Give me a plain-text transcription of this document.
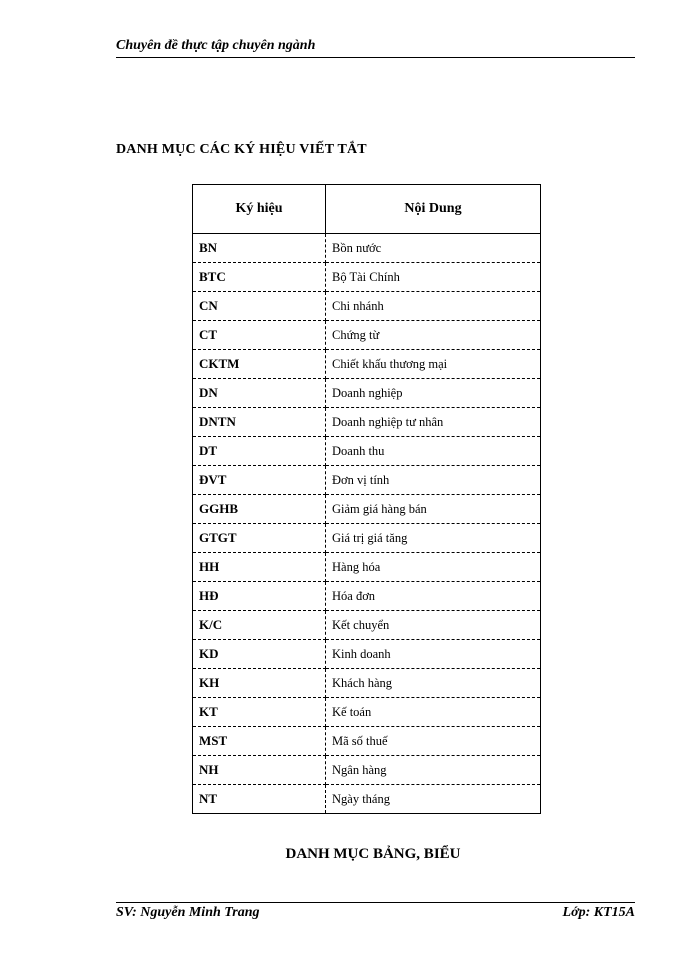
Chuyên đề thực tập chuyên ngành
DANH MỤC CÁC KÝ HIỆU VIẾT TẮT
Ký hiệu	Nội Dung
BN	Bồn nước
BTC	Bộ Tài Chính
CN	Chi nhánh
CT	Chứng từ
CKTM	Chiết khấu thương mại
DN	Doanh nghiệp
DNTN	Doanh nghiệp tư nhân
DT	Doanh thu
ĐVT	Đơn vị tính
GGHB	Giảm giá hàng bán
GTGT	Giá trị giá tăng
HH	Hàng hóa
HĐ	Hóa đơn
K/C	Kết chuyển
KD	Kinh doanh
KH	Khách hàng
KT	Kế toán
MST	Mã số thuế
NH	Ngân hàng
NT	Ngày tháng
DANH MỤC BẢNG, BIỂU
SV: Nguyễn Minh Trang	Lớp: KT15A
